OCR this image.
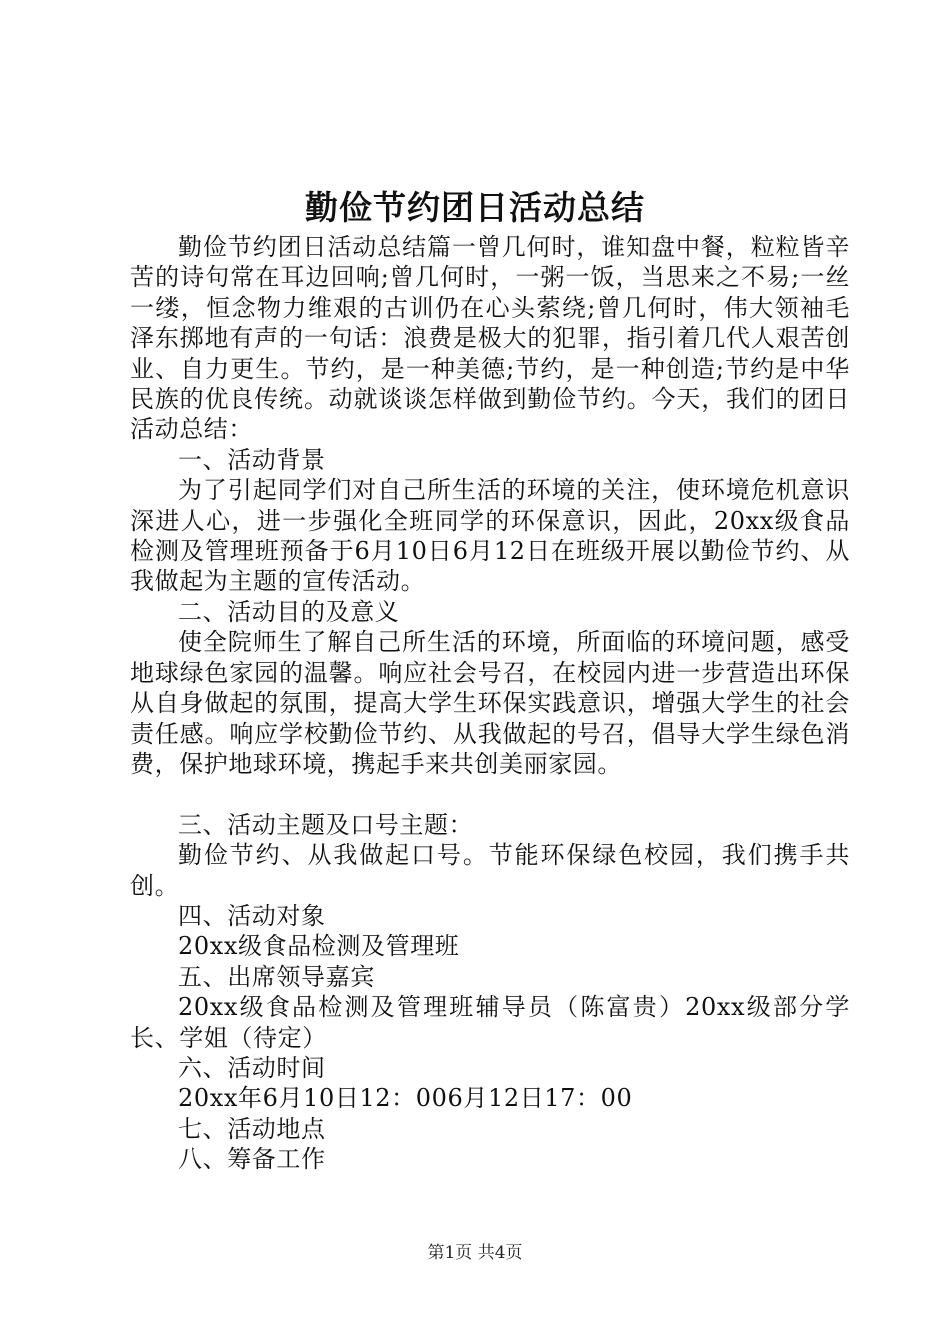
勤俭节约团日活动总结

勤俭节约团日活动总结篇一曾几何时，谁知盘中餐，粒粒皆辛苦的诗句常在耳边回响;曾几何时，一粥一饭，当思来之不易;一丝一缕，恒念物力维艰的古训仍在心头萦绕;曾几何时，伟大领袖毛泽东掷地有声的一句话：浪费是极大的犯罪，指引着几代人艰苦创业、自力更生。节约，是一种美德;节约，是一种创造;节约是中华民族的优良传统。动就谈谈怎样做到勤俭节约。今天，我们的团日活动总结：

一、活动背景

为了引起同学们对自己所生活的环境的关注，使环境危机意识深进人心，进一步强化全班同学的环保意识，因此，20xx级食品检测及管理班预备于6月10日6月12日在班级开展以勤俭节约、从我做起为主题的宣传活动。

二、活动目的及意义

使全院师生了解自己所生活的环境，所面临的环境问题，感受地球绿色家园的温馨。响应社会号召，在校园内进一步营造出环保从自身做起的氛围，提高大学生环保实践意识，增强大学生的社会责任感。响应学校勤俭节约、从我做起的号召，倡导大学生绿色消费，保护地球环境，携起手来共创美丽家园。

三、活动主题及口号主题：

勤俭节约、从我做起口号。节能环保绿色校园，我们携手共创。

四、活动对象

20xx级食品检测及管理班

五、出席领导嘉宾

20xx级食品检测及管理班辅导员（陈富贵）20xx级部分学长、学姐（待定）

六、活动时间

20xx年6月10日12：006月12日17：00

七、活动地点

八、筹备工作

第1页 共4页
